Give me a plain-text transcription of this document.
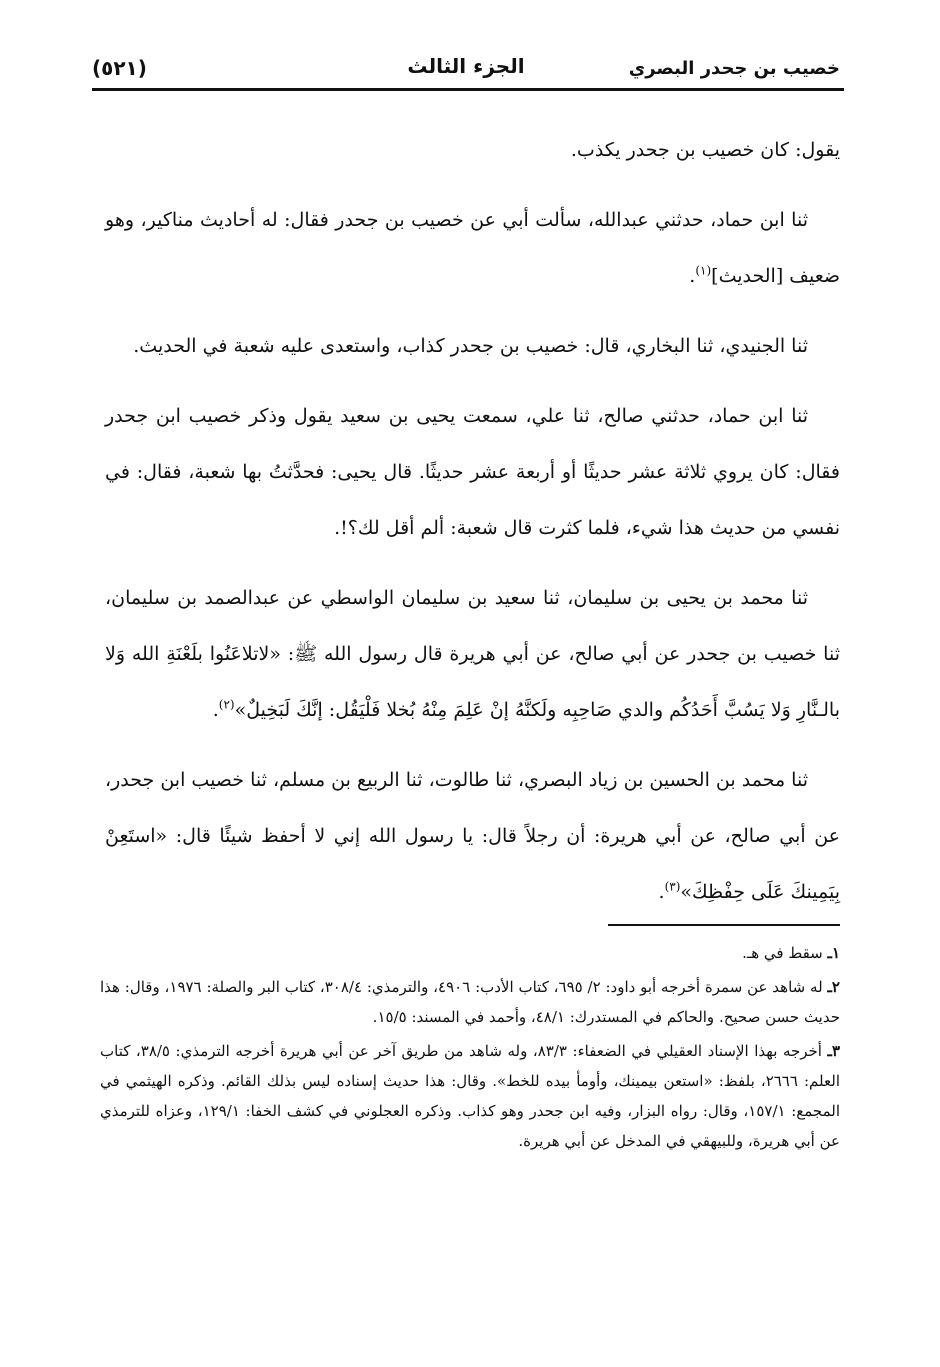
خصيب بن جحدر البصري
الجزء الثالث
(٥٢١)

يقول: كان خصيب بن جحدر يكذب.

ثنا ابن حماد، حدثني عبدالله، سألت أبي عن خصيب بن جحدر فقال: له أحاديث مناكير، وهو ضعيف [الحديث]$^{(١)}$.

ثنا الجنيدي، ثنا البخاري، قال: خصيب بن جحدر كذاب، واستعدى عليه شعبة في الحديث.

ثنا ابن حماد، حدثني صالح، ثنا علي، سمعت يحيى بن سعيد يقول وذكر خصيب ابن جحدر فقال: كان يروي ثلاثة عشر حديثًا أو أربعة عشر حديثًا. قال يحيى: فحدَّثتُ بها شعبة، فقال: في نفسي من حديث هذا شيء، فلما كثرت قال شعبة: ألم أقل لك؟!.

ثنا محمد بن يحيى بن سليمان، ثنا سعيد بن سليمان الواسطي عن عبدالصمد بن سليمان، ثنا خصيب بن جحدر عن أبي صالح، عن أبي هريرة قال رسول الله ﷺ: «لاتلاعَنُوا بلَعْنَةِ الله وَلا بالـنَّارِ وَلا يَسُبَّ أَحَدُكُم والدي صَاحِبِه ولَكنَّهُ إنْ عَلِمَ مِنْهُ بُخلا فَلْيَقُل: إنَّكَ لَبَخِيلٌ»$^{(٢)}$.

ثنا محمد بن الحسين بن زياد البصري، ثنا طالوت، ثنا الربيع بن مسلم، ثنا خصيب ابن جحدر، عن أبي صالح، عن أبي هريرة: أن رجلاً قال: يا رسول الله إني لا أحفظ شيئًا قال: «استَعِنْ بِيَمِينكَ عَلَى حِفْظِكَ»$^{(٣)}$.

١ـ سقط في هـ.
٢ـ له شاهد عن سمرة أخرجه أبو داود: ٢/ ٦٩٥، كتاب الأدب: ٤٩٠٦، والترمذي: ٣٠٨/٤، كتاب البر والصلة: ١٩٧٦، وقال: هذا حديث حسن صحيح. والحاكم في المستدرك: ٤٨/١، وأحمد في المسند: ١٥/٥.
٣ـ أخرجه بهذا الإسناد العقيلي في الضعفاء: ٨٣/٣، وله شاهد من طريق آخر عن أبي هريرة أخرجه الترمذي: ٣٨/٥، كتاب العلم: ٢٦٦٦، بلفظ: «استعن بيمينك، وأومأ بيده للخط». وقال: هذا حديث إسناده ليس بذلك القائم. وذكره الهيثمي في المجمع: ١٥٧/١، وقال: رواه البزار، وفيه ابن جحدر وهو كذاب. وذكره العجلوني في كشف الخفا: ١٢٩/١، وعزاه للترمذي عن أبي هريرة، وللبيهقي في المدخل عن أبي هريرة.
